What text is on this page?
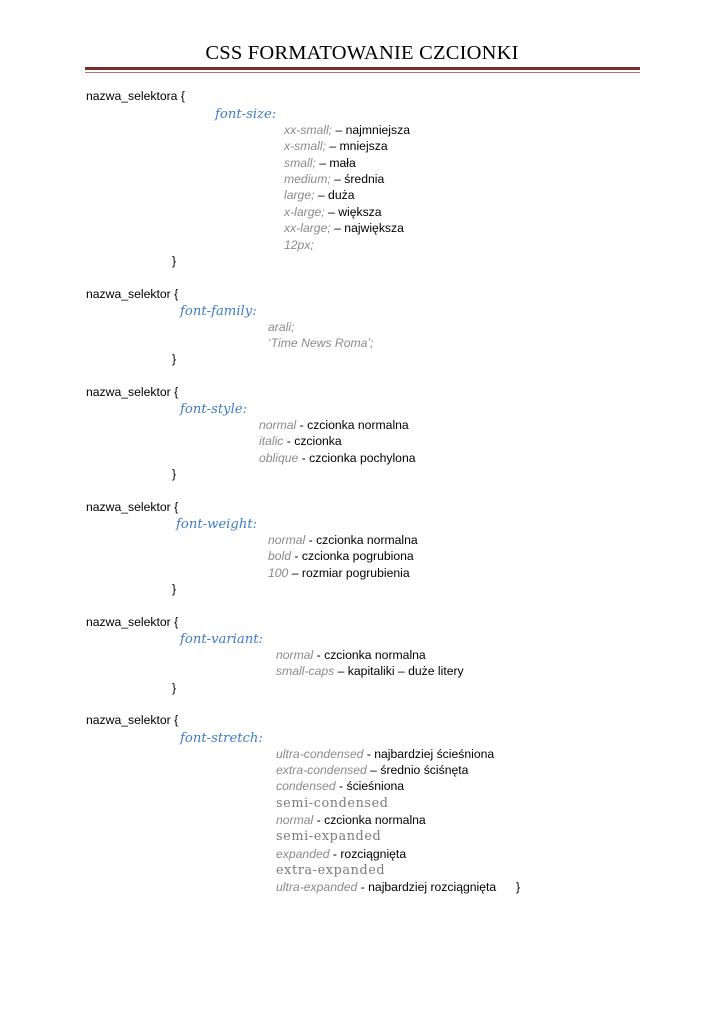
CSS FORMATOWANIE CZCIONKI
nazwa_selektora {
font-size:
xx-small; – najmniejsza
x-small; – mniejsza
small; – mała
medium; – średnia
large; – duża
x-large; – większa
xx-large; – największa
12px;
}
nazwa_selektor {
font-family:
arali;
‘Time News Roma’;
}
nazwa_selektor {
font-style:
normal - czcionka normalna
italic - czcionka
oblique - czcionka pochylona
}
nazwa_selektor {
font-weight:
normal - czcionka normalna
bold - czcionka pogrubiona
100 – rozmiar pogrubienia
}
nazwa_selektor {
font-variant:
normal - czcionka normalna
small-caps – kapitaliki – duże litery
}
nazwa_selektor {
font-stretch:
ultra-condensed - najbardziej ścieśniona
extra-condensed – średnio ściśnęta
condensed - ścieśniona
semi-condensed
normal - czcionka normalna
semi-expanded
expanded - rozciągnięta
extra-expanded
ultra-expanded - najbardziej rozciągnięta }
